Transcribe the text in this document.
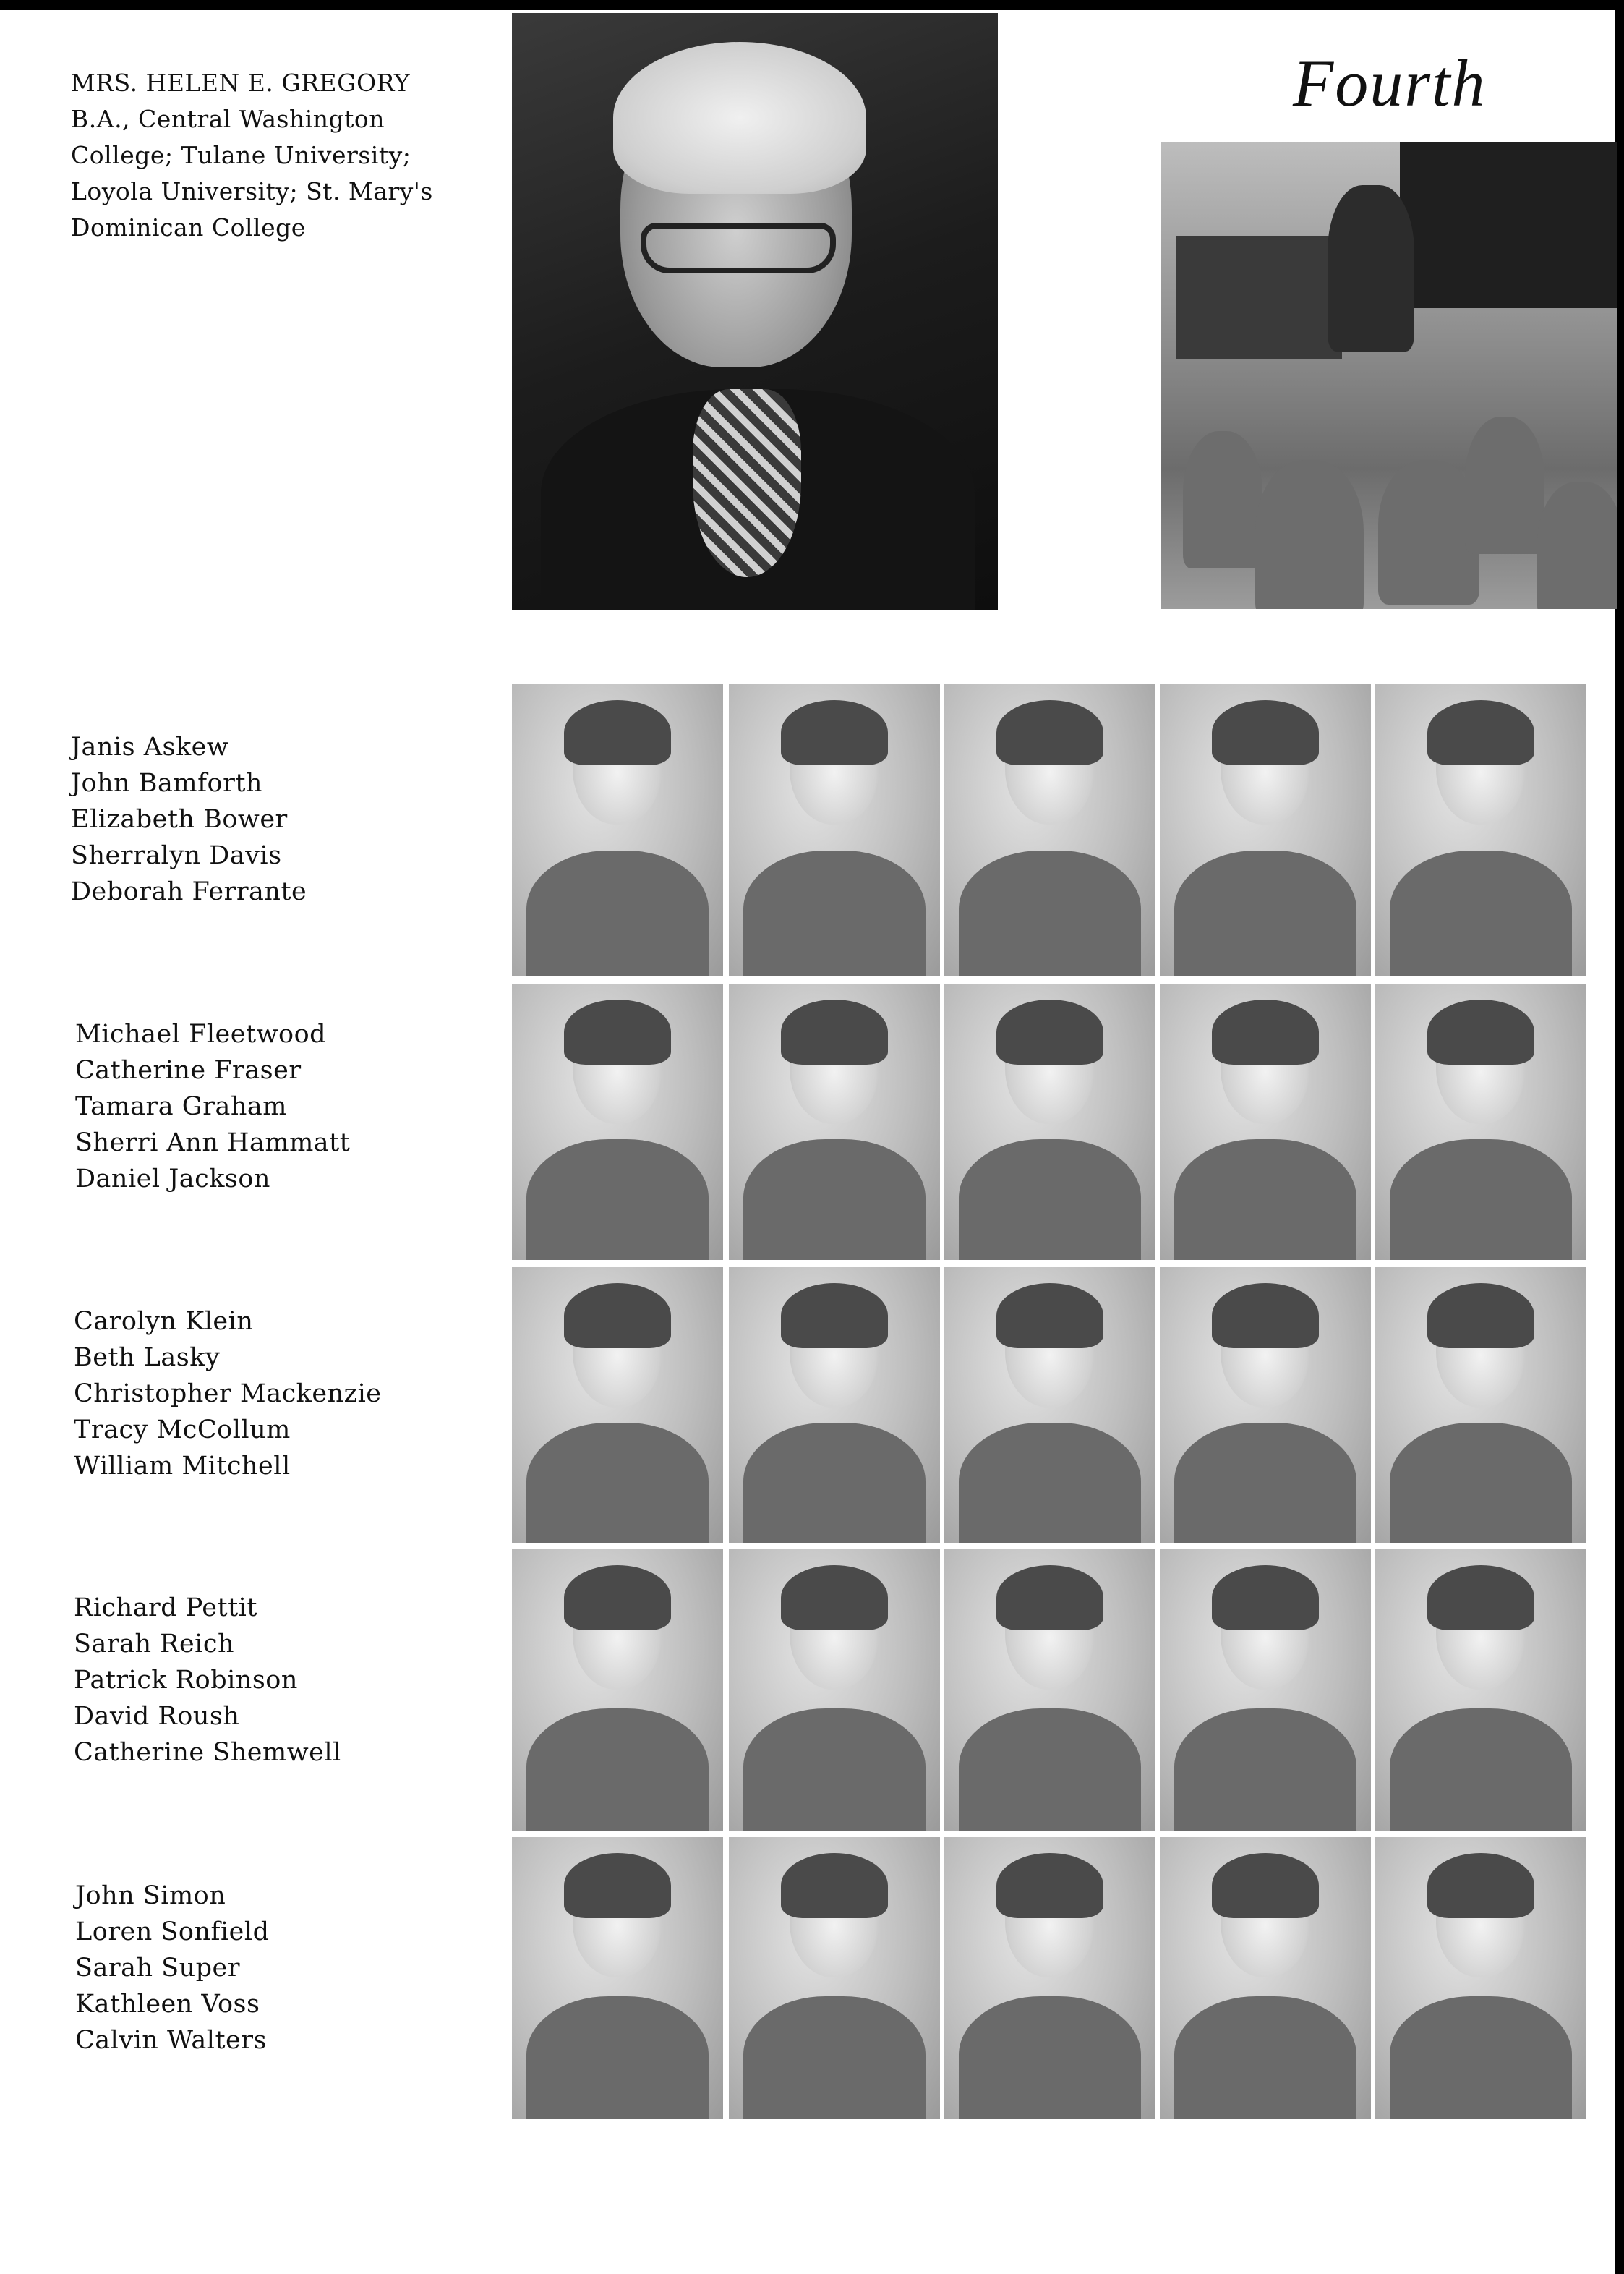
MRS. HELEN E. GREGORY
B.A., Central Washington
College; Tulane University;
Loyola University; St. Mary's
Dominican College
Fourth
Janis Askew
John Bamforth
Elizabeth Bower
Sherralyn Davis
Deborah Ferrante
Michael Fleetwood
Catherine Fraser
Tamara Graham
Sherri Ann Hammatt
Daniel Jackson
Carolyn Klein
Beth Lasky
Christopher Mackenzie
Tracy McCollum
William Mitchell
Richard Pettit
Sarah Reich
Patrick Robinson
David Roush
Catherine Shemwell
John Simon
Loren Sonfield
Sarah Super
Kathleen Voss
Calvin Walters
